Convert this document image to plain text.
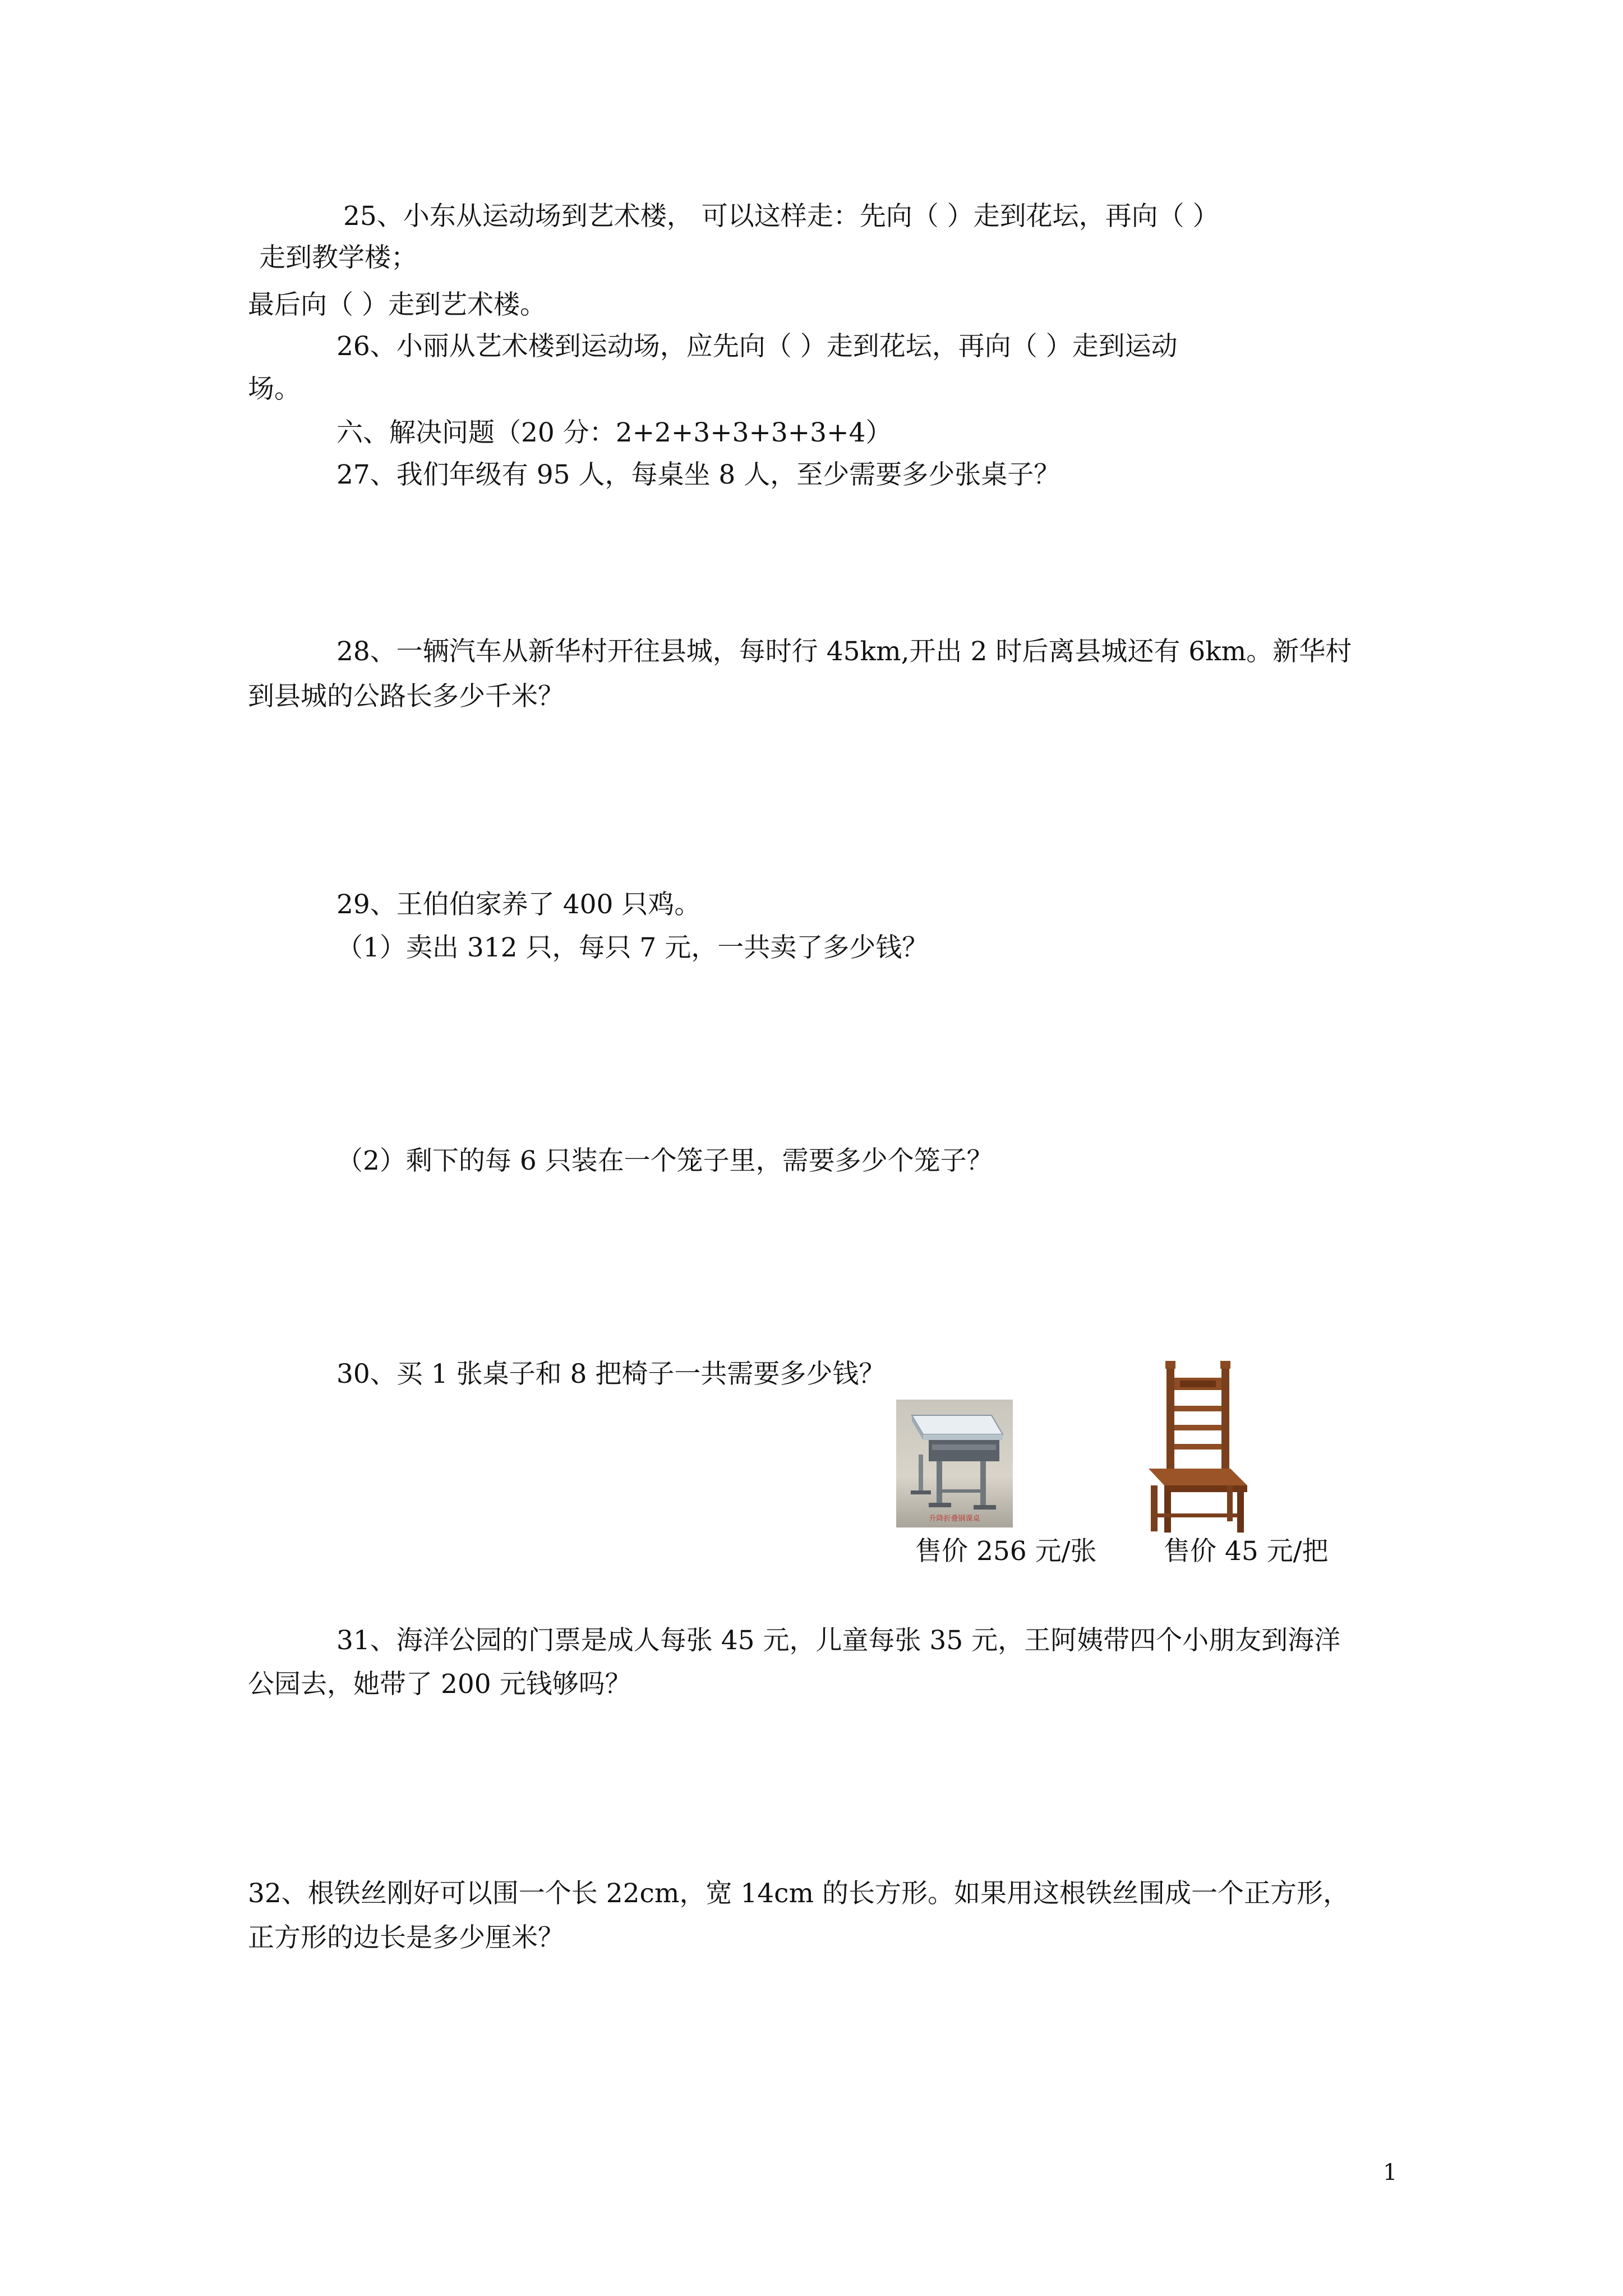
25、小东从运动场到艺术楼， 可以这样走：先向（ ）走到花坛，再向（ ）
走到教学楼；
最后向（ ）走到艺术楼。
26、小丽从艺术楼到运动场，应先向（ ）走到花坛，再向（ ）走到运动
场。
六、解决问题（20 分：2+2+3+3+3+3+4）
27、我们年级有 95 人，每桌坐 8 人，至少需要多少张桌子？
28、一辆汽车从新华村开往县城，每时行 45km,开出 2 时后离县城还有 6km。新华村
到县城的公路长多少千米？
29、王伯伯家养了 400 只鸡。
（1）卖出 312 只，每只 7 元，一共卖了多少钱？
（2）剩下的每 6 只装在一个笼子里，需要多少个笼子？
30、买 1 张桌子和 8 把椅子一共需要多少钱？
升降折叠钢课桌
售价 256 元/张	售价 45 元/把
31、海洋公园的门票是成人每张 45 元，儿童每张 35 元，王阿姨带四个小朋友到海洋
公园去，她带了 200 元钱够吗？
32、根铁丝刚好可以围一个长 22cm，宽 14cm 的长方形。如果用这根铁丝围成一个正方形，
正方形的边长是多少厘米？
1
